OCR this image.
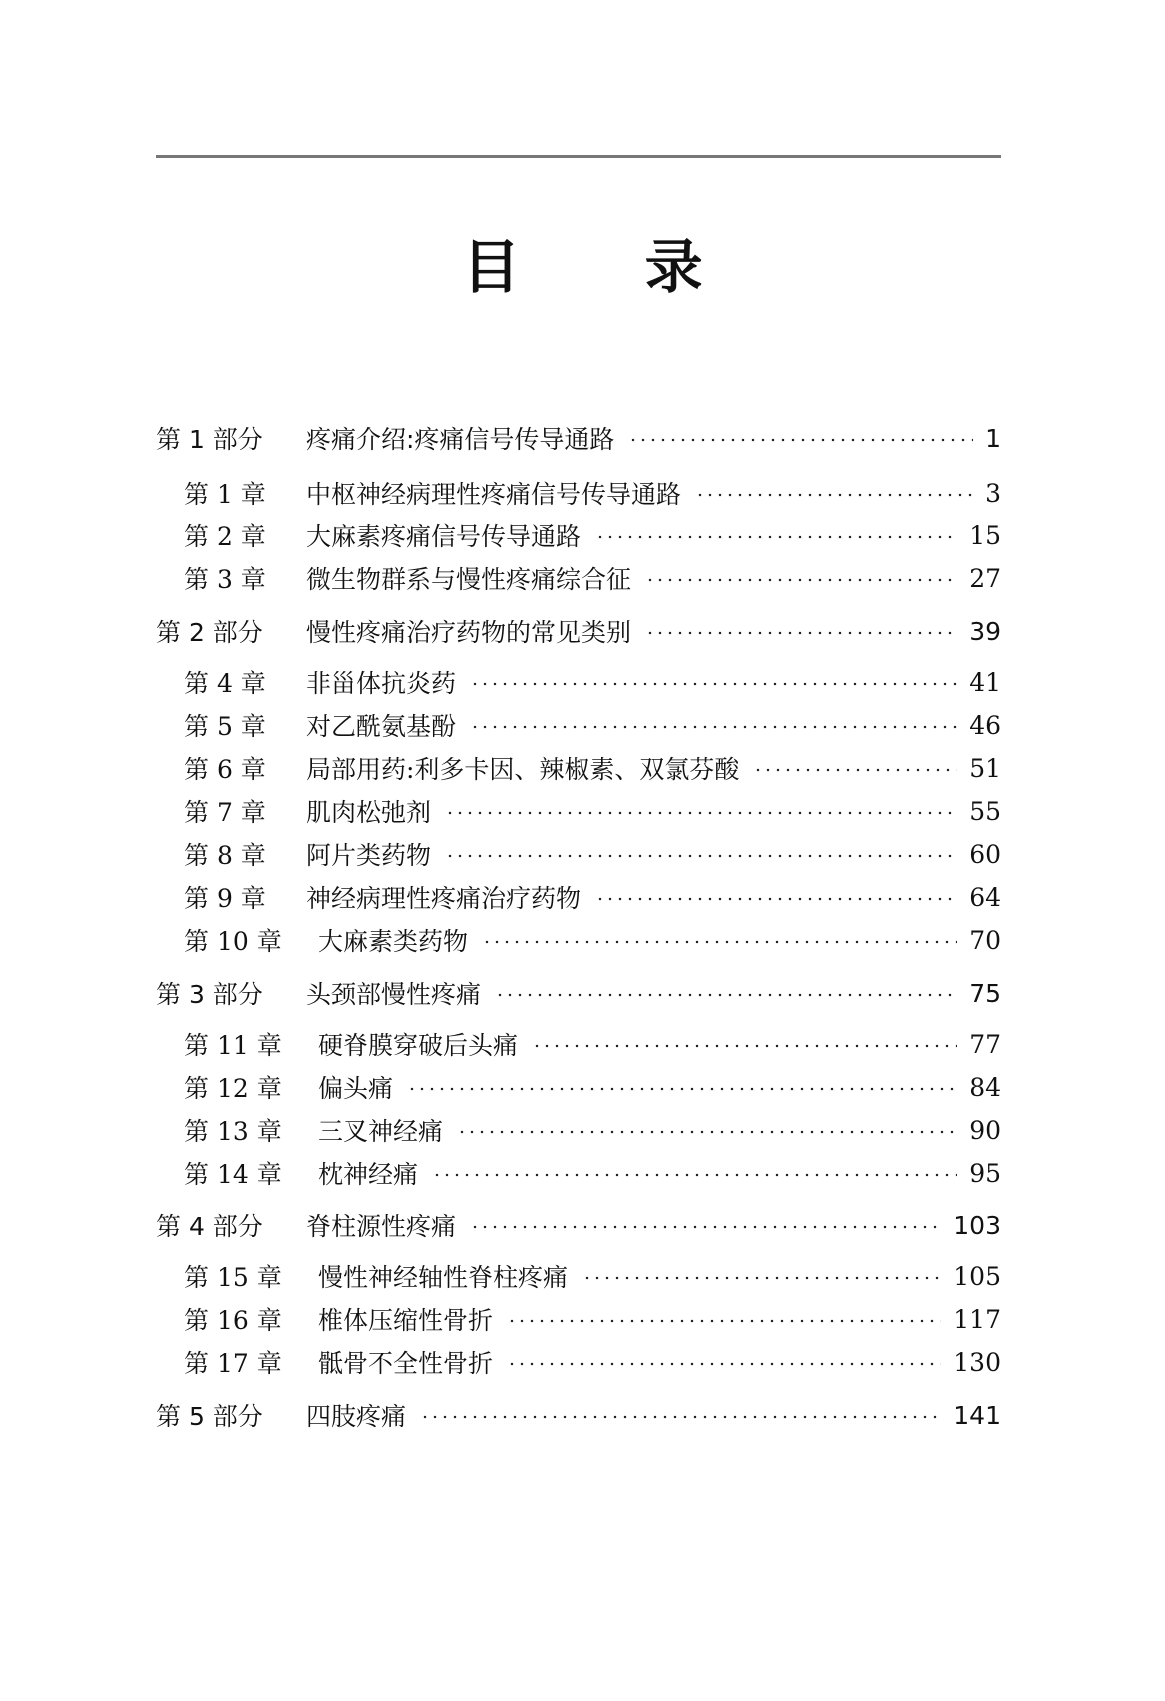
目 录
第 1 部分	疼痛介绍:疼痛信号传导通路	1
第 1 章	中枢神经病理性疼痛信号传导通路	3
第 2 章	大麻素疼痛信号传导通路	15
第 3 章	微生物群系与慢性疼痛综合征	27
第 2 部分	慢性疼痛治疗药物的常见类别	39
第 4 章	非甾体抗炎药	41
第 5 章	对乙酰氨基酚	46
第 6 章	局部用药:利多卡因、辣椒素、双氯芬酸	51
第 7 章	肌肉松弛剂	55
第 8 章	阿片类药物	60
第 9 章	神经病理性疼痛治疗药物	64
第 10 章	大麻素类药物	70
第 3 部分	头颈部慢性疼痛	75
第 11 章	硬脊膜穿破后头痛	77
第 12 章	偏头痛	84
第 13 章	三叉神经痛	90
第 14 章	枕神经痛	95
第 4 部分	脊柱源性疼痛	103
第 15 章	慢性神经轴性脊柱疼痛	105
第 16 章	椎体压缩性骨折	117
第 17 章	骶骨不全性骨折	130
第 5 部分	四肢疼痛	141
